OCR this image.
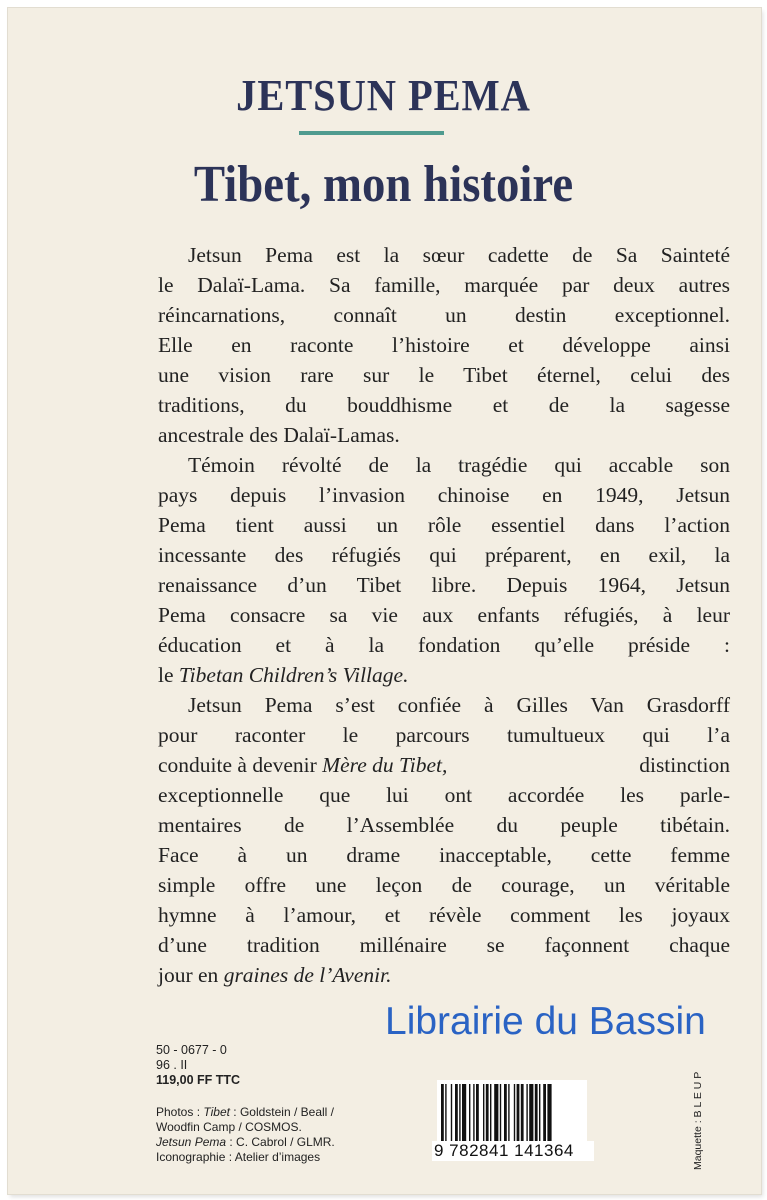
JETSUN PEMA
Tibet, mon histoire
Jetsun Pema est la sœur cadette de Sa Sainteté
le Dalaï-Lama. Sa famille, marquée par deux autres
réincarnations, connaît un destin exceptionnel.
Elle en raconte l’histoire et développe ainsi
une vision rare sur le Tibet éternel, celui des
traditions, du bouddhisme et de la sagesse
ancestrale des Dalaï-Lamas.
Témoin révolté de la tragédie qui accable son
pays depuis l’invasion chinoise en 1949, Jetsun
Pema tient aussi un rôle essentiel dans l’action
incessante des réfugiés qui préparent, en exil, la
renaissance d’un Tibet libre. Depuis 1964, Jetsun
Pema consacre sa vie aux enfants réfugiés, à leur
éducation et à la fondation qu’elle préside :
le Tibetan Children’s Village.
Jetsun Pema s’est confiée à Gilles Van Grasdorff
pour raconter le parcours tumultueux qui l’a
conduite à devenir Mère du Tibet,	distinction
exceptionnelle que lui ont accordée les parle-
mentaires de l’Assemblée du peuple tibétain.
Face à un drame inacceptable, cette femme
simple offre une leçon de courage, un véritable
hymne à l’amour, et révèle comment les joyaux
d’une tradition millénaire se façonnent chaque
jour en graines de l’Avenir.
Librairie du Bassin
50 - 0677 - 0
96 . II
119,00 FF TTC
Photos : Tibet : Goldstein / Beall /
Woodfin Camp / COSMOS.
Jetsun Pema : C. Cabrol / GLMR.
Iconographie : Atelier d’images	9 782841 141364	Maquette : B L E U P
